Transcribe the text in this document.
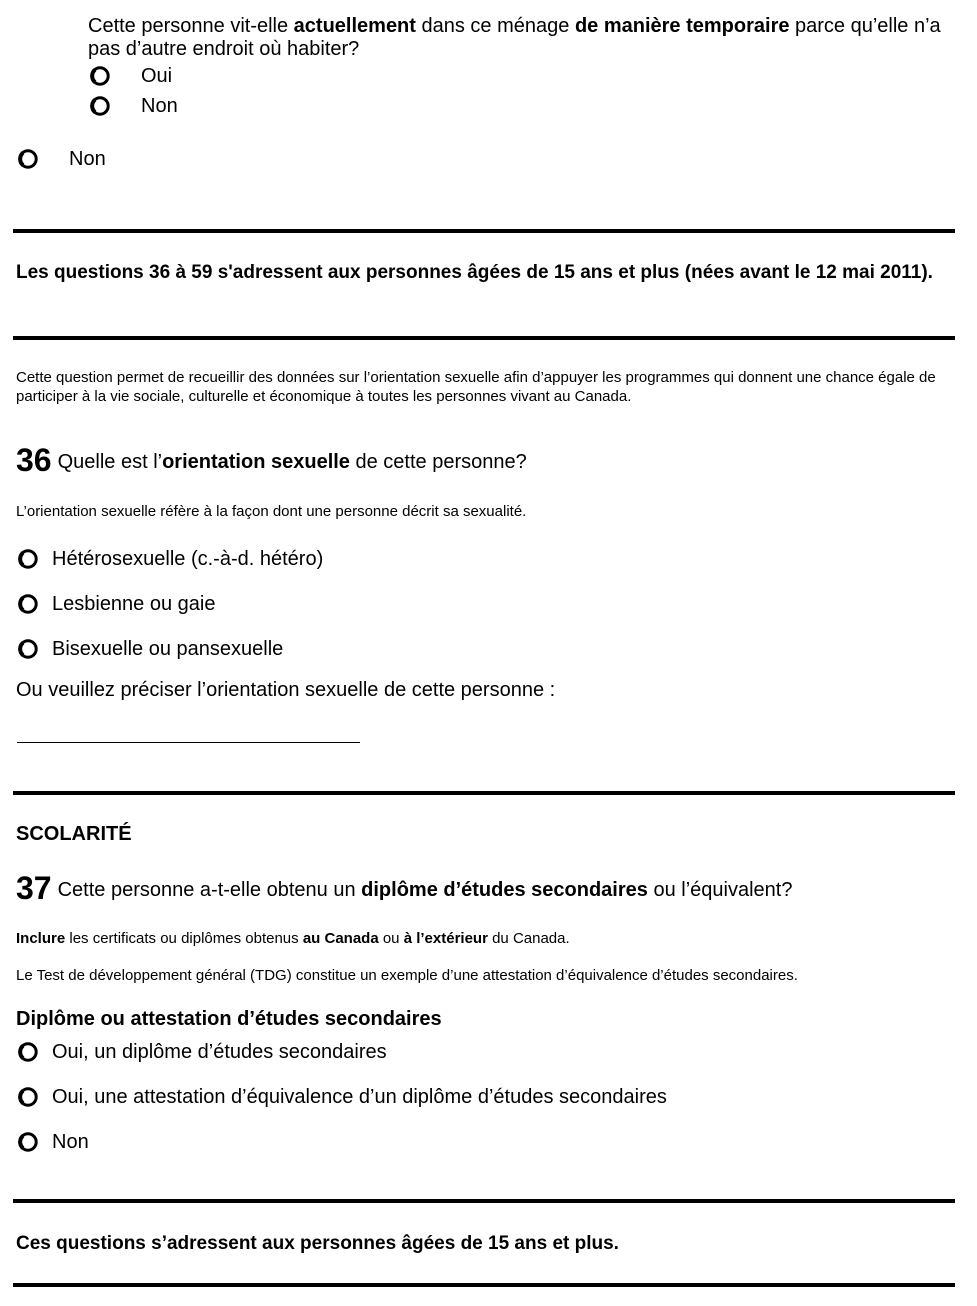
Cette personne vit-elle actuellement dans ce ménage de manière temporaire parce qu’elle n’a pas d’autre endroit où habiter?
Oui
Non
Non
Les questions 36 à 59 s'adressent aux personnes âgées de 15 ans et plus (nées avant le 12 mai 2011).
Cette question permet de recueillir des données sur l’orientation sexuelle afin d’appuyer les programmes qui donnent une chance égale de participer à la vie sociale, culturelle et économique à toutes les personnes vivant au Canada.
36 Quelle est l’orientation sexuelle de cette personne?
L’orientation sexuelle réfère à la façon dont une personne décrit sa sexualité.
Hétérosexuelle (c.-à-d. hétéro)
Lesbienne ou gaie
Bisexuelle ou pansexuelle
Ou veuillez préciser l’orientation sexuelle de cette personne :
SCOLARITÉ
37 Cette personne a-t-elle obtenu un diplôme d’études secondaires ou l’équivalent?
Inclure les certificats ou diplômes obtenus au Canada ou à l’extérieur du Canada.
Le Test de développement général (TDG) constitue un exemple d’une attestation d’équivalence d’études secondaires.
Diplôme ou attestation d’études secondaires
Oui, un diplôme d’études secondaires
Oui, une attestation d’équivalence d’un diplôme d’études secondaires
Non
Ces questions s’adressent aux personnes âgées de 15 ans et plus.
